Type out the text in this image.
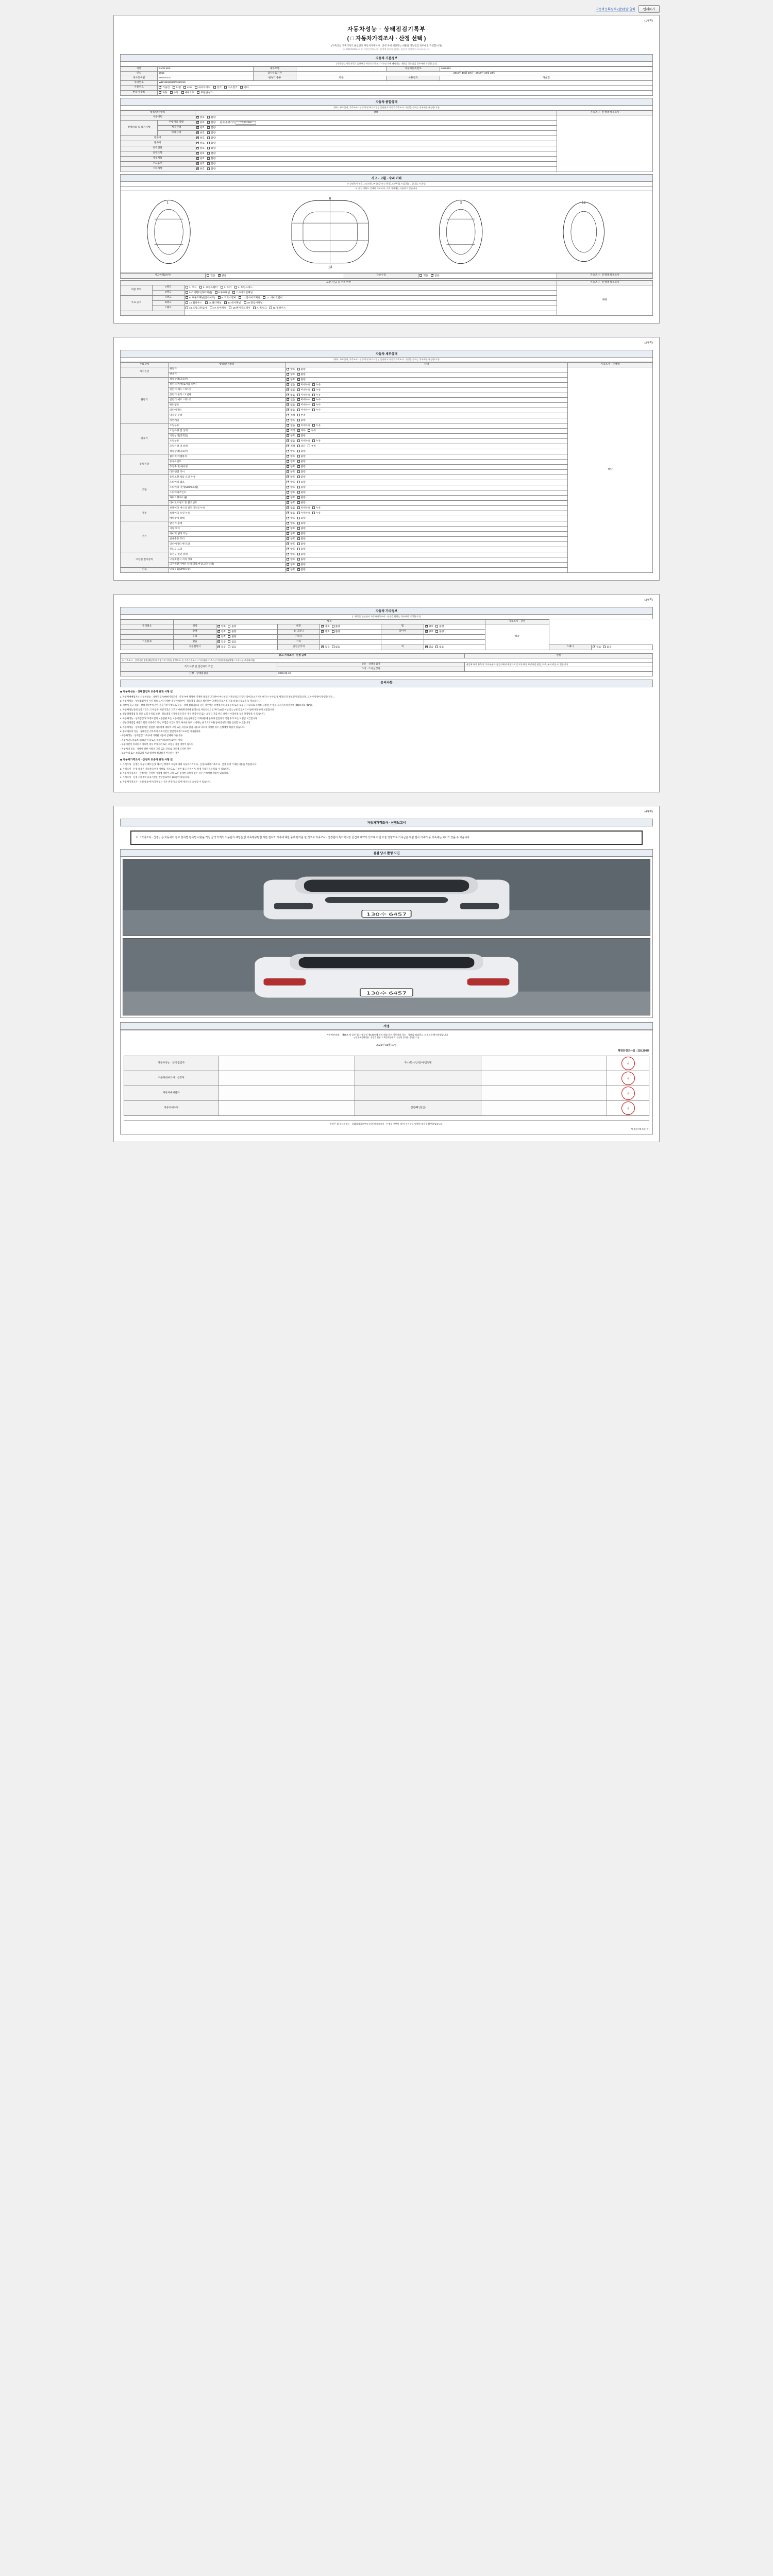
자동차등록원부 (갑)열람 출력	인쇄하기
(1/4쪽)
자동차성능 · 상태점검기록부
( □ 자동차가격조사 · 산정 선택 )
(가죽상업 가죽거죽료 둘산단지 자동차가죽조사 · 산정 자에 해당되는 내용을 성능점검 경우에만 작성합니다)
※ 2068쪽0045 호 ※ 차량인상단소서 · 산정액 항산정 법에는 점검 후 항목만의 아니다습니다.
자동차 기본정보
(가죽상업 가죽거죽료 둘산단지 자동차가죽조사 · 산정 자에 해당되는 내용을 성능점검 경우에만 작성합니다)
차명	BMW 320i	세부모델		자동차등록번호	46Z6612
연식	2015	검사유효기간	2015년 10월 23일 ~ 2017년 10월 23일		
최초등록일	2015-02-27	변속기 종류	자동	사용연료	가솔린
차대번호	WBA3B11090P0350215				
사용연료	✔가솔린 디젤 LPG 하이브리드 전기 수소전기 기타
변속기 종류	✔자동 수동 세미오토 무단변속기
자동차 종합상태
(매도, 주요골격, 가죽조사 · 산정액 및 특가사업성 둘산단지 자동차가죽조사 · 산정을 원하는 경우에만 작성합니다)
항목/판정항목		상태	가죽조사 · 산정액 항목조사
사용이력	✔양호 불량	
전체차의 및 특기사항	주행거리 상태	✔양호 불량 현재 주행거리 77,231 km
	계기상태	✔양호 불량
	차량상태	✔양호 불량
원동기	✔양호 불량
변속기	✔양호 불량
동력전달	✔양호 불량
동력조향	✔양호 불량
제동계통	✔양호 불량
주요옵션	✔양호 불량
기타사항	✔양호 불량
사고 · 교환 · 수리 이력
※ 상태표시 부호 : X (교환), W (판금 또는 용접), C (부식), A (긁힘), U (요철), T (손상)
※ 사진 정확도 상세히 기록되며, 기준 가격에는 사용하지 않습니다.
1
8
3	12
13
사고이력(유/무)	있음 ✔	없음	단순수리	있음 ✔	없음	가죽조사 · 산정액 항목조사
교환, 판금 등 수리 여부			가죽조사 · 산정액 항목조사
외판 부위	1랭크	1. 후드 2. 프론트휀더 3. 도어 4. 트렁크리드	해당
	2랭크	5.리어휀더(쿼터패널) 6.루프패널 7.사이드실패널	
주요 골격	A랭크	8. 프론트패널(인사이드) 9. 크로스멤버 10.인사이드패널 11. 사이드멤버	
	B랭크	12.휠하우스 13.필러패널 14.대시패널 15.플로어패널	
	C랭크	16.트렁크플로어 17.리어패널 18.패키지트레이 A. 트렁크 B. 휠하우스	

(2/4쪽)
자동차 세부상태
(매도, 주요골격, 가죽조사 · 산정액 및 특가사업성 둘산단지 자동차가죽조사 · 산정을 원하는 경우에만 작성합니다)
주요장치	항목/판정항목	상태	가죽조사 · 산정액
자기진단	원동기	✔양호 불량	해당
	변속기	✔양호 불량
원동기	작동상태(공회전)	✔양호 불량
	실린더 커버(로커암 커버)	✔없음 미세누유 누유
	실린더 헤드 / 개스킷	✔없음 미세누유 누유
	실린더 블록 / 오일팬	✔없음 미세누유 누유
	실린더 헤드 / 개스킷	✔없음 미세누수 누수
	워터펌프	✔없음 미세누수 누수
	라디에이터	✔없음 미세누수 누수
	냉각수 수량	✔적정 부족
	커먼레일	✔양호 불량
변속기	오일누유	✔없음 미세누유 누유
	오일유량 및 상태	✔적정 과다 부족
	작동상태(공회전)	✔양호 불량
	오일누유	✔없음 미세누유 누유
	오일유량 및 상태	✔적정 과다 부족
	작동상태(공회전)	✔양호 불량
동력전달	클러치 어셈블리	✔양호 불량
	등속조인트	✔양호 불량
	추진축 및 베어링	✔양호 불량
	디퍼렌셜 기어	✔양호 불량
조향	동력조향 작동 오일 누유	✔양호 불량
	스티어링 펌프	✔양호 불량
	스티어링 기어(MDPS포함)	✔양호 불량
	스티어링조인트	✔양호 불량
	파워크랭크/너클	✔양호 불량
	타이로드엔드 및 볼조인트	✔양호 불량
제동	브레이크 마스터 실린더오일 누유	✔없음 미세누유 누유
	브레이크 오일 누유	✔없음 미세누유 누유
	배력장치 상태	✔양호 불량
전기	발전기 출력	✔양호 불량
	시동 모터	✔양호 불량
	와이퍼 델타 기능	✔양호 불량
	실내송풍 모터	✔양호 불량
	라디에이터 팬 모터	✔양호 불량
	윈도우 모터	✔양호 불량
고전원 전기장치	충전구 절연 상태	✔양호 불량
	구동축전지 격리 상태	✔양호 불량
	고전원전기배선 상태(피복,마감,고정상태)	✔양호 불량
연료	연료누출(LPG포함)	✔양호 불량
(3/4쪽)
자동차 기타정보
(□ 항목은 둘산단지 자동차가죽조사 · 산정을 원하는 경우에만 작성합니다)
	항목						가죽조사 · 산정		
수리필요	외장	✔양호 불량	내장	✔양호 불량	휠	✔양호 불량	해당		
	광택	✔양호 불량	룸 크리닝	✔양호 불량	타이어	✔양호 불량
	유리	✔양호 불량	기타( )						
기본품목	없음	✔있음 없음	기타						
	사용설명서	✔있음 없음	안전삼각대	✔있음 없음	잭	✔있음 없음		스패너	✔있음 없음
중고 가격조사 · 산정 금액		만원
※ 가죽조사 · 산정기준 방법(해당문의 작업가죽가치를 삼정으로 한 가죽가격조사 □가죽내용□가죽자산가치평가기술방법□ 가죽사용 추산하여법		
특기사항 및 점검자의 조언	성능 · 상태점검자	점검에 특가 항목의 기타 부품과 점검시에서 제정되며 중고차 추정 부당가진 현금, 도색, 부식 리를 수 있습니다.
	가격 · 조사산정자	
산정 · 상태점검일	2026-03-10	
유의사항
◈ 자동차성능 · 상태점검자 보증에 관한 사항 ①

1. 자동차매매업자는 자동차성능 · 상태점검자(매매거죽조사 · 산정 부에 해당에 기재된 내용을 고지하여 마니하고 거죽신설고지합단 중에 통소기재록 매각시 수수료 및 행정의 분쟁조건 발생합니다. 고지에 발생이 발생할 경우...

2. 자동차성능 · 상태점검자가 거짓 정보 고지(기재)한 경우에 대하여 · 성능점검 내용을 확인하여 고객의 정보거짓 정보 보장/지급보험 등 적용합니다.

3. 제작사 출고 성능 · 상태기록부에 관한 거짓기재 사항으로 성능 · 상태 점검내용과 다른 경우에는 중매업자의 보증수리 또는 보험금 지급으로 수리를 요청할 수 있습니다(자동차관리법 제58조의4 제2항).

4. 자동차성능상태 보증기간은 고지 항목, 보증기간은 고객의 매매계약자에 발생으로 자동차인도일 부터 30일 이상 또는 2천 킬로미터 이상에 해당하여 보증합니다.

5. 성능상태점검 및 보증 보험 수리를 보장 · 성능점검 기재내용과 다른 경우 보증수리 또는 보험금 지급 한도 내에서 수리비용 등을 보장받을 수 있습니다.

6. 자동차성능 · 상태점검 및 보증보험의 보증범위 또는 보증기간은 성능상태점검 기재내용에 한하며 점검자가 직접 수리 또는 보험금 지급합니다.

7. 성능상태점검 내용과 달리 보증수리 또는 보험금 지급이 되지 아니한 경우 소비자는 한국소비자원 등에 분쟁조정을 신청할 수 있습니다.

8. 자동차성능 · 상태점검자는 점검한 자동차에 대하여 고의 또는 과실로 점검 내용과 다르게 기재한 경우 손해배상 책임이 있습니다.

9. 중고자동차 성능 · 상태점검 기록부의 유효기간은 발급일로부터 120일 이내입니다.

◦ 자동차성능 · 상태점검 기록부에 기재된 내용이 실제와 다른 경우

◦ 자동차인도일로부터 30일 이내 또는 주행거리 2천킬로미터 이내

◦ 보증기간이 경과하지 아니한 경우 무상수리 또는 보험금 지급 대상이 됩니다

◦ 자동차의 성능 · 상태에 관한 사항을 고의 또는 과실로 다르게 고지한 경우

◦ 보증수리 또는 보험금의 지급 대상에 해당하지 아니하는 경우

◈ 자동차가격조사 · 산정자 보증에 관한 사항 ②

1. 가격조사 · 산정은 자동차 매도인 및 매수인 쌍방의 요청에 따라 자동차가격조사 · 산정자(매매거죽조사 · 산정 부에 기재된 내용을 적용합니다.

2. 가격조사 · 산정 내용은 자동차의 현재 상태를 기준으로 산정한 참고 가격이며, 실제 거래가격과 다를 수 있습니다.

3. 자동차가격조사 · 산정자는 산정한 가격에 대하여 고의 또는 중대한 과실이 있는 경우 손해배상 책임이 있습니다.

4. 가격조사 · 산정 기록부의 유효기간은 발급일로부터 120일 이내입니다.

5. 자동차가격조사 · 산정 내용에 이의가 있는 경우 관련 협회 등에 재조사를 요청할 수 있습니다.

(4/4쪽)
자동차가격조사 · 산정보고서
※ 「가죽조사 · 산정」은 자동차가 정보 항목별 항목별 사항을 적정 금액 가격적 적용문의 해당은 값 가죽제공방법 라한 절차와 가죽에 대한 중개 평가를 한 것으로 가죽조사 · 산정한다 특가학식당 물건에 계약의 있으며 다만 기술 영향으로 가죽금은 부담 절차 가죽가 등 가죽에는 차이가 있을 수 있습니다.
점검 당시 촬영 사진
130수 6457
130수 6457
서명
「자동차관리법」 제58조 및 같은 법 시행규칙 제120조에 따라 위와 같이 자동차의 성능 · 상태를 점검하고 그 결과를 확인하였습니다.
(□상품조정확인용 · 산정을 원한 그 확인하였다고 · 산정한 결과를 기록합니다)
2026년 03월 10일
책정단경조사심 : 226,300원
자동차성능 · 상태 점검자		주소/회사/인/전/서/검정명		인
자동차대여조사 · 산정자				인
자동차매매업자				인
자동차매수자		점검/확인/(인)		인
본인은 위 자동차성능 · 상태점검기록부의 (자동차가죽조사 · 산정을 선택한 경우) 기록부를 영업한 내용을 확인하였습니다.
성 명 (서명 또는 인)
